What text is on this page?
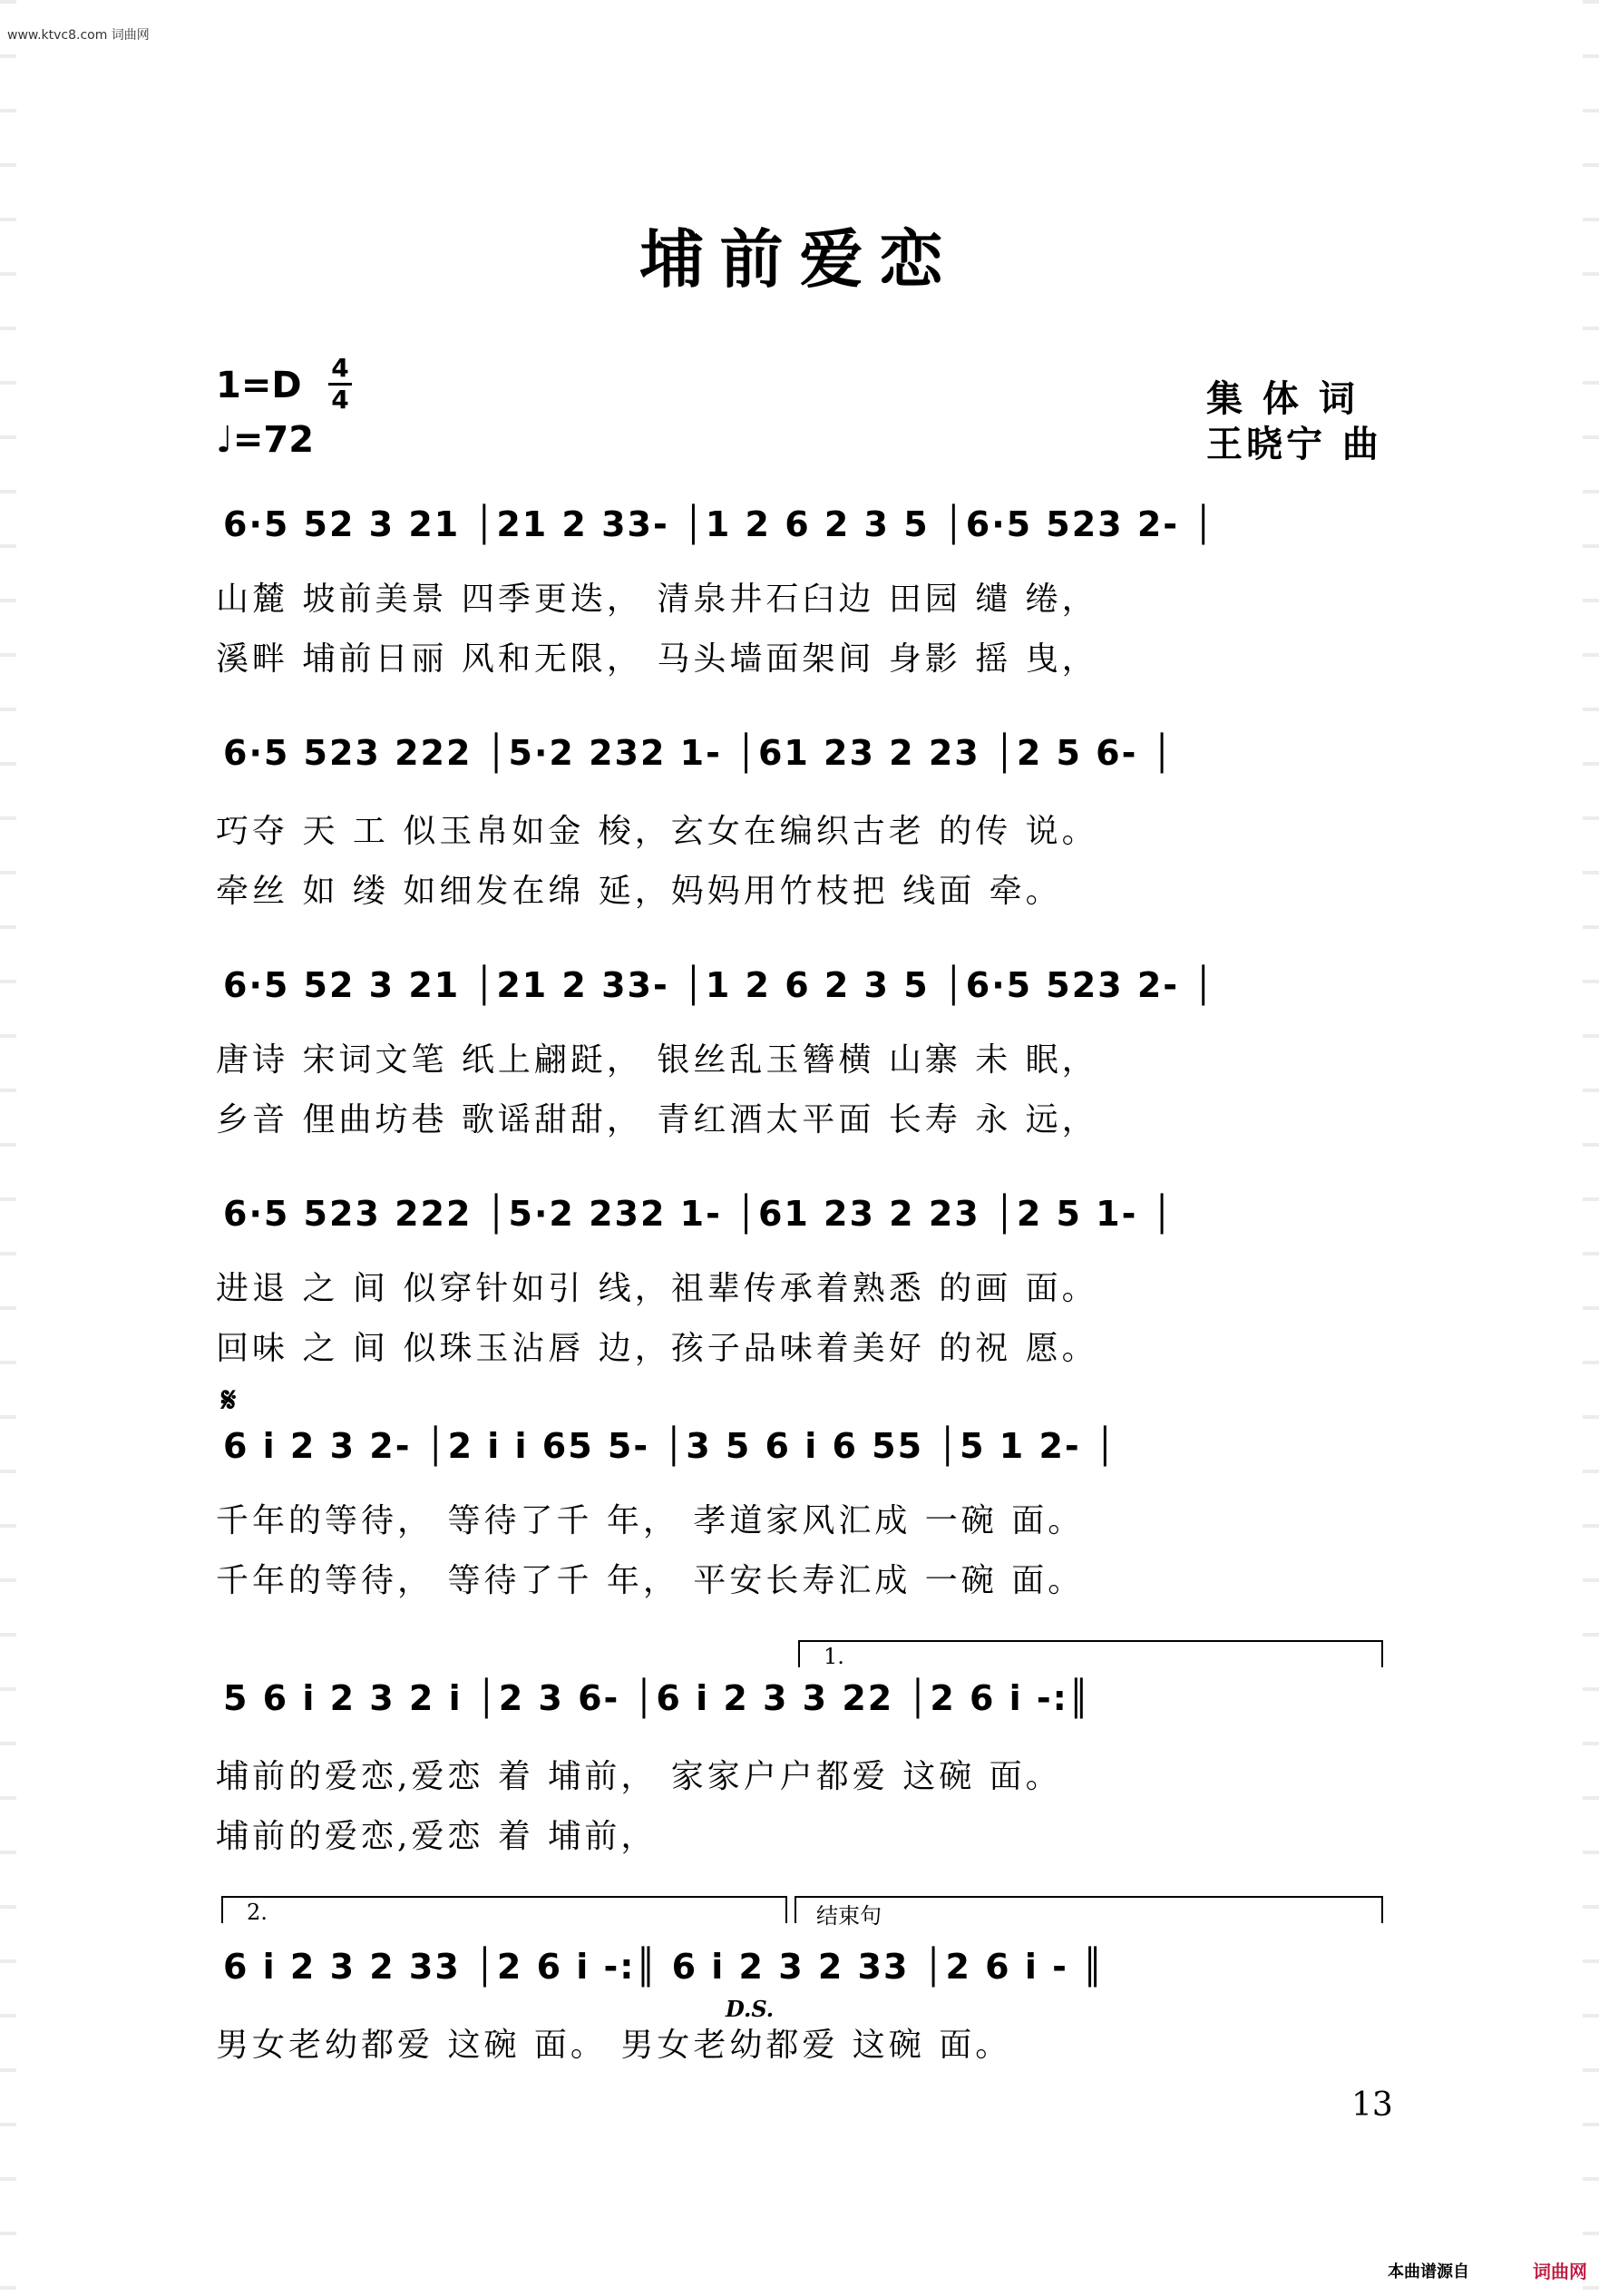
www.ktvc8.com 词曲网
埔前爱恋
1=D 4
4
♩=72
集 体 词
王晓宁 曲
6·5 52 3 21 │21 2 33- │1 2 6 2 3 5 │6·5 523 2- │
山麓 坡前美景 四季更迭， 清泉井石臼边 田园 缱 绻，
溪畔 埔前日丽 风和无限， 马头墙面架间 身影 摇 曳，
6·5 523 222 │5·2 232 1- │61 23 2 23 │2 5 6- │
巧夺 天 工 似玉帛如金 梭，玄女在编织古老 的传 说。
牵丝 如 缕 如细发在绵 延，妈妈用竹枝把 线面 牵。
6·5 52 3 21 │21 2 33- │1 2 6 2 3 5 │6·5 523 2- │
唐诗 宋词文笔 纸上翩跹， 银丝乱玉簪横 山寨 未 眠，
乡音 俚曲坊巷 歌谣甜甜， 青红酒太平面 长寿 永 远，
6·5 523 222 │5·2 232 1- │61 23 2 23 │2 5 1- │
进退 之 间 似穿针如引 线，祖辈传承着熟悉 的画 面。
回味 之 间 似珠玉沾唇 边，孩子品味着美好 的祝 愿。
𝄋
6 i 2 3 2- │2 i i 65 5- │3 5 6 i 6 55 │5 1 2- │
千年的等待， 等待了千 年， 孝道家风汇成 一碗 面。
千年的等待， 等待了千 年， 平安长寿汇成 一碗 面。
1.
5 6 i 2 3 2 i │2 3 6- │6 i 2 3 3 22 │2 6 i -:║
埔前的爱恋,爱恋 着 埔前， 家家户户都爱 这碗 面。
埔前的爱恋,爱恋 着 埔前，
2.	结束句
6 i 2 3 2 33 │2 6 i -:║ 6 i 2 3 2 33 │2 6 i - ║
D.S.
男女老幼都爱 这碗 面。 男女老幼都爱 这碗 面。
13
本曲谱源自	词曲网
